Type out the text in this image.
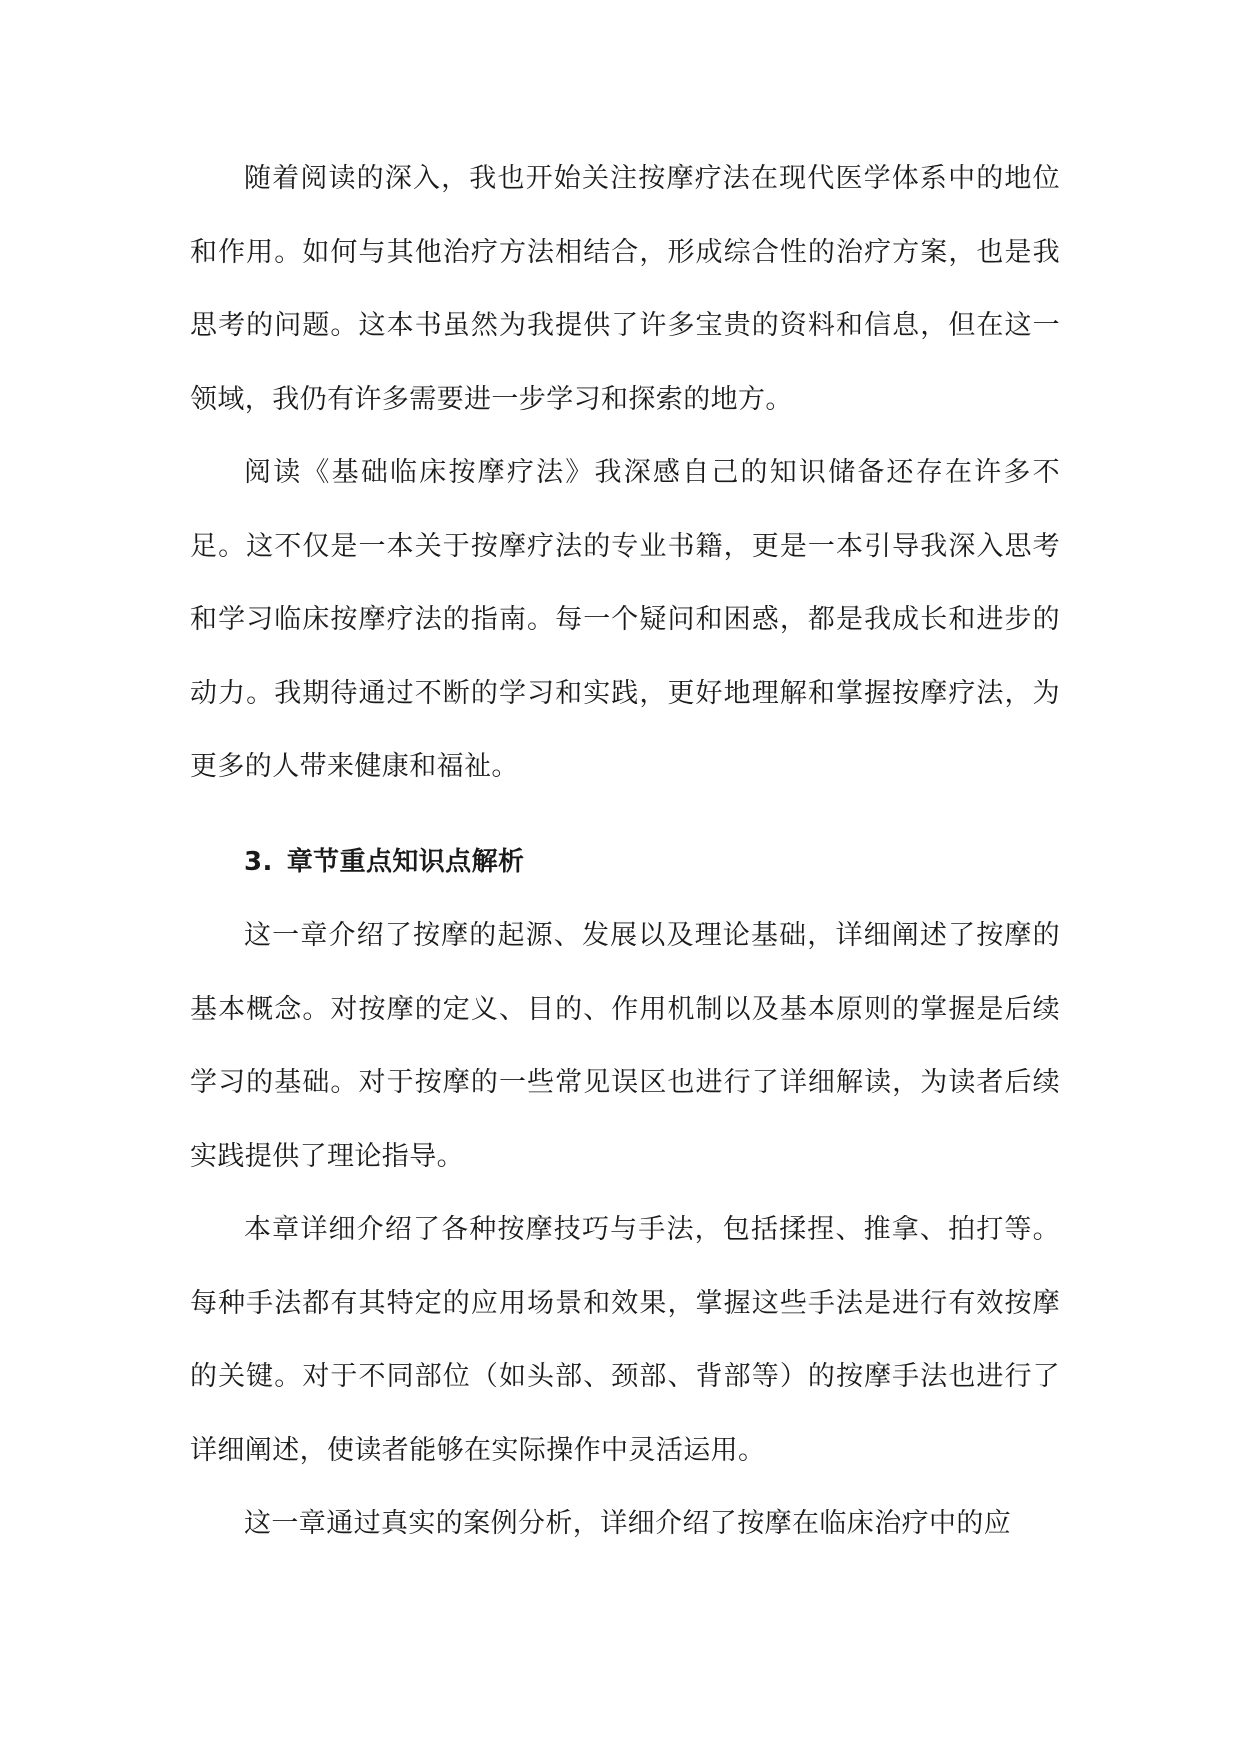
随着阅读的深入，我也开始关注按摩疗法在现代医学体系中的地位和作用。如何与其他治疗方法相结合，形成综合性的治疗方案，也是我思考的问题。这本书虽然为我提供了许多宝贵的资料和信息，但在这一领域，我仍有许多需要进一步学习和探索的地方。

阅读《基础临床按摩疗法》我深感自己的知识储备还存在许多不足。这不仅是一本关于按摩疗法的专业书籍，更是一本引导我深入思考和学习临床按摩疗法的指南。每一个疑问和困惑，都是我成长和进步的动力。我期待通过不断的学习和实践，更好地理解和掌握按摩疗法，为更多的人带来健康和福祉。

3. 章节重点知识点解析

这一章介绍了按摩的起源、发展以及理论基础，详细阐述了按摩的基本概念。对按摩的定义、目的、作用机制以及基本原则的掌握是后续学习的基础。对于按摩的一些常见误区也进行了详细解读，为读者后续实践提供了理论指导。

本章详细介绍了各种按摩技巧与手法，包括揉捏、推拿、拍打等。每种手法都有其特定的应用场景和效果，掌握这些手法是进行有效按摩的关键。对于不同部位（如头部、颈部、背部等）的按摩手法也进行了详细阐述，使读者能够在实际操作中灵活运用。

这一章通过真实的案例分析，详细介绍了按摩在临床治疗中的应
